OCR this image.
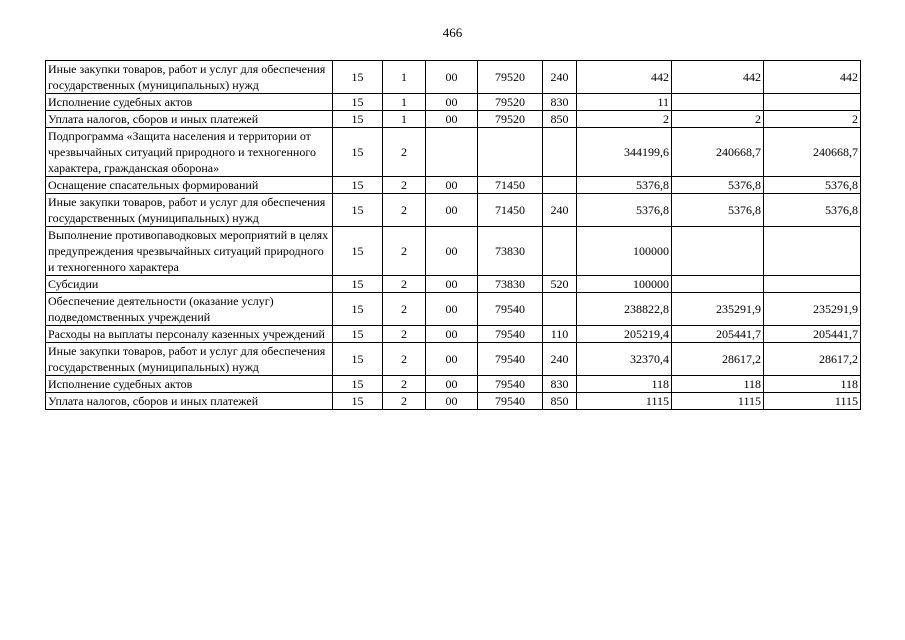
466
Иные закупки товаров, работ и услуг для обеспечения государственных (муниципальных) нужд	15	1	00	79520	240	442	442	442
Исполнение судебных актов	15	1	00	79520	830	11		
Уплата налогов, сборов и иных платежей	15	1	00	79520	850	2	2	2
Подпрограмма «Защита населения и территории от чрезвычайных ситуаций природного и техногенного характера, гражданская оборона»	15	2				344199,6	240668,7	240668,7
Оснащение спасательных формирований	15	2	00	71450		5376,8	5376,8	5376,8
Иные закупки товаров, работ и услуг для обеспечения государственных (муниципальных) нужд	15	2	00	71450	240	5376,8	5376,8	5376,8
Выполнение противопаводковых мероприятий в целях предупреждения чрезвычайных ситуаций природного и техногенного характера	15	2	00	73830		100000		
Субсидии	15	2	00	73830	520	100000		
Обеспечение деятельности (оказание услуг) подведомственных учреждений	15	2	00	79540		238822,8	235291,9	235291,9
Расходы на выплаты персоналу казенных учреждений	15	2	00	79540	110	205219,4	205441,7	205441,7
Иные закупки товаров, работ и услуг для обеспечения государственных (муниципальных) нужд	15	2	00	79540	240	32370,4	28617,2	28617,2
Исполнение судебных актов	15	2	00	79540	830	118	118	118
Уплата налогов, сборов и иных платежей	15	2	00	79540	850	1115	1115	1115
